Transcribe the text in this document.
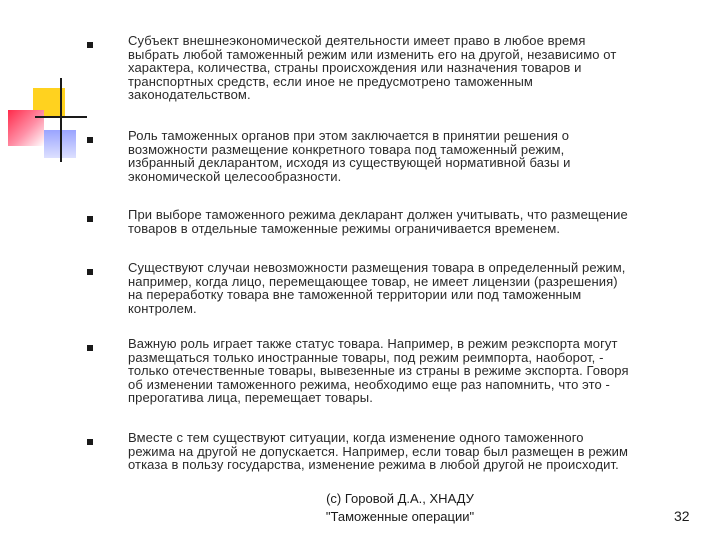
Субъект внешнеэкономической деятельности имеет право в любое время
выбрать любой таможенный режим или изменить его на другой, независимо от
характера, количества, страны происхождения или назначения товаров и
транспортных средств, если иное не предусмотрено таможенным
законодательством.
Роль таможенных органов при этом заключается в принятии решения о
возможности размещение конкретного товара под таможенный режим,
избранный декларантом, исходя из существующей нормативной базы и
экономической целесообразности.
При выборе таможенного режима декларант должен учитывать, что размещение
товаров в отдельные таможенные режимы ограничивается временем.
Существуют случаи невозможности размещения товара в определенный режим,
например, когда лицо, перемещающее товар, не имеет лицензии (разрешения)
на переработку товара вне таможенной территории или под таможенным
контролем.
Важную роль играет также статус товара. Например, в режим реэкспорта могут
размещаться только иностранные товары, под режим реимпорта, наоборот, -
только отечественные товары, вывезенные из страны в режиме экспорта. Говоря
об изменении таможенного режима, необходимо еще раз напомнить, что это -
прерогатива лица, перемещает товары.
Вместе с тем существуют ситуации, когда изменение одного таможенного
режима на другой не допускается. Например, если товар был размещен в режим
отказа в пользу государства, изменение режима в любой другой не происходит.
(c) Горовой Д.А., ХНАДУ
"Таможенные операции"	32
